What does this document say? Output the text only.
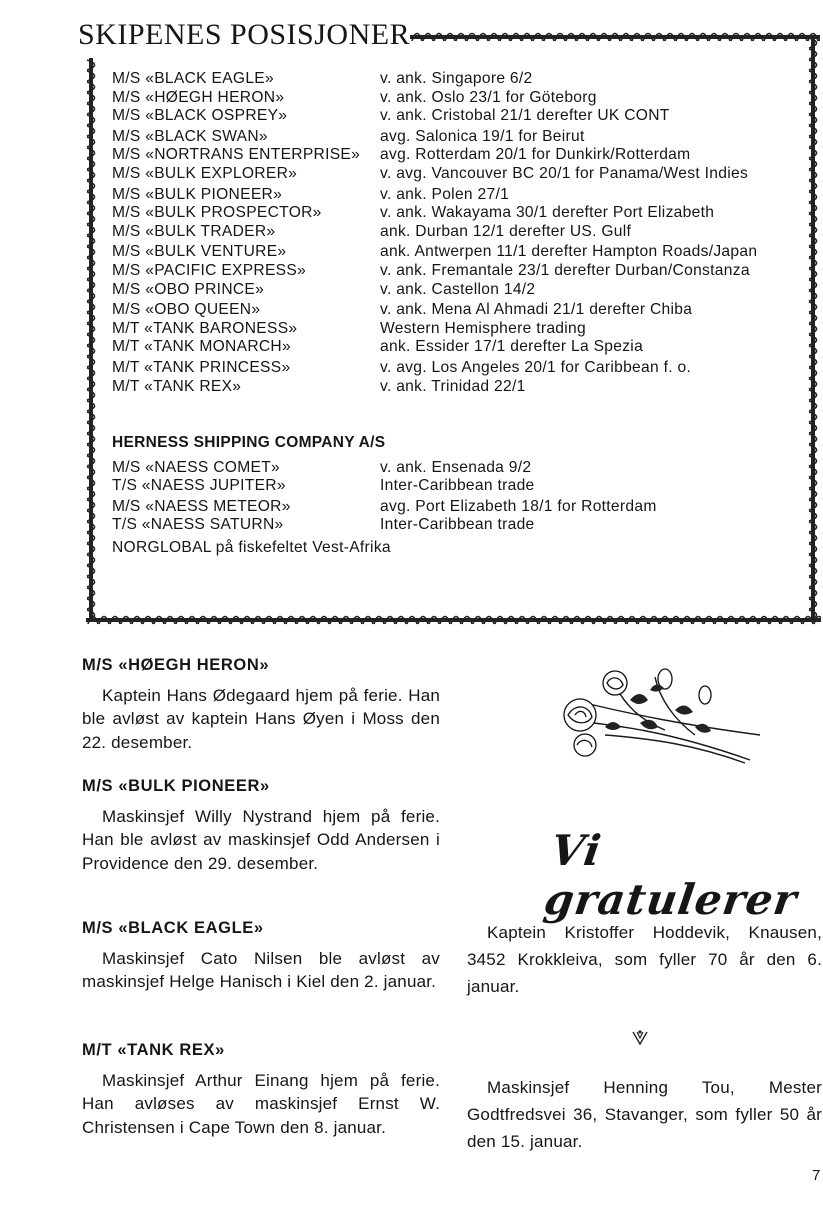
SKIPENES POSISJONER
M/S «BLACK EAGLE»	v. ank. Singapore 6/2
M/S «HØEGH HERON»	v. ank. Oslo 23/1 for Göteborg
M/S «BLACK OSPREY»	v. ank. Cristobal 21/1 derefter UK CONT
M/S «BLACK SWAN»	avg. Salonica 19/1 for Beirut
M/S «NORTRANS ENTERPRISE»	avg. Rotterdam 20/1 for Dunkirk/Rotterdam
M/S «BULK EXPLORER»	v. avg. Vancouver BC 20/1 for Panama/West Indies
M/S «BULK PIONEER»	v. ank. Polen 27/1
M/S «BULK PROSPECTOR»	v. ank. Wakayama 30/1 derefter Port Elizabeth
M/S «BULK TRADER»	ank. Durban 12/1 derefter US. Gulf
M/S «BULK VENTURE»	ank. Antwerpen 11/1 derefter Hampton Roads/Japan
M/S «PACIFIC EXPRESS»	v. ank. Fremantale 23/1 derefter Durban/Constanza
M/S «OBO PRINCE»	v. ank. Castellon 14/2
M/S «OBO QUEEN»	v. ank. Mena Al Ahmadi 21/1 derefter Chiba
M/T «TANK BARONESS»	Western Hemisphere trading
M/T «TANK MONARCH»	ank. Essider 17/1 derefter La Spezia
M/T «TANK PRINCESS»	v. avg. Los Angeles 20/1 for Caribbean f. o.
M/T «TANK REX»	v. ank. Trinidad 22/1
HERNESS SHIPPING COMPANY A/S
M/S «NAESS COMET»	v. ank. Ensenada 9/2
T/S «NAESS JUPITER»	Inter-Caribbean trade
M/S «NAESS METEOR»	avg. Port Elizabeth 18/1 for Rotterdam
T/S «NAESS SATURN»	Inter-Caribbean trade
NORGLOBAL på fiskefeltet Vest-Afrika
M/S «HØEGH HERON»

Kaptein Hans Ødegaard hjem på ferie. Han ble avløst av kaptein Hans Øyen i Moss den 22. desember.

M/S «BULK PIONEER»

Maskinsjef Willy Nystrand hjem på ferie. Han ble avløst av maskinsjef Odd Andersen i Providence den 29. desember.

M/S «BLACK EAGLE»

Maskinsjef Cato Nilsen ble avløst av maskinsjef Helge Hanisch i Kiel den 2. januar.

M/T «TANK REX»

Maskinsjef Arthur Einang hjem på ferie. Han avløses av maskinsjef Ernst W. Christensen i Cape Town den 8. januar.

Vi gratulerer

Kaptein Kristoffer Hoddevik, Knausen, 3452 Krokkleiva, som fyller 70 år den 6. januar.

Maskinsjef Henning Tou, Mester Godtfredsvei 36, Stavanger, som fyller 50 år den 15. januar.

7
